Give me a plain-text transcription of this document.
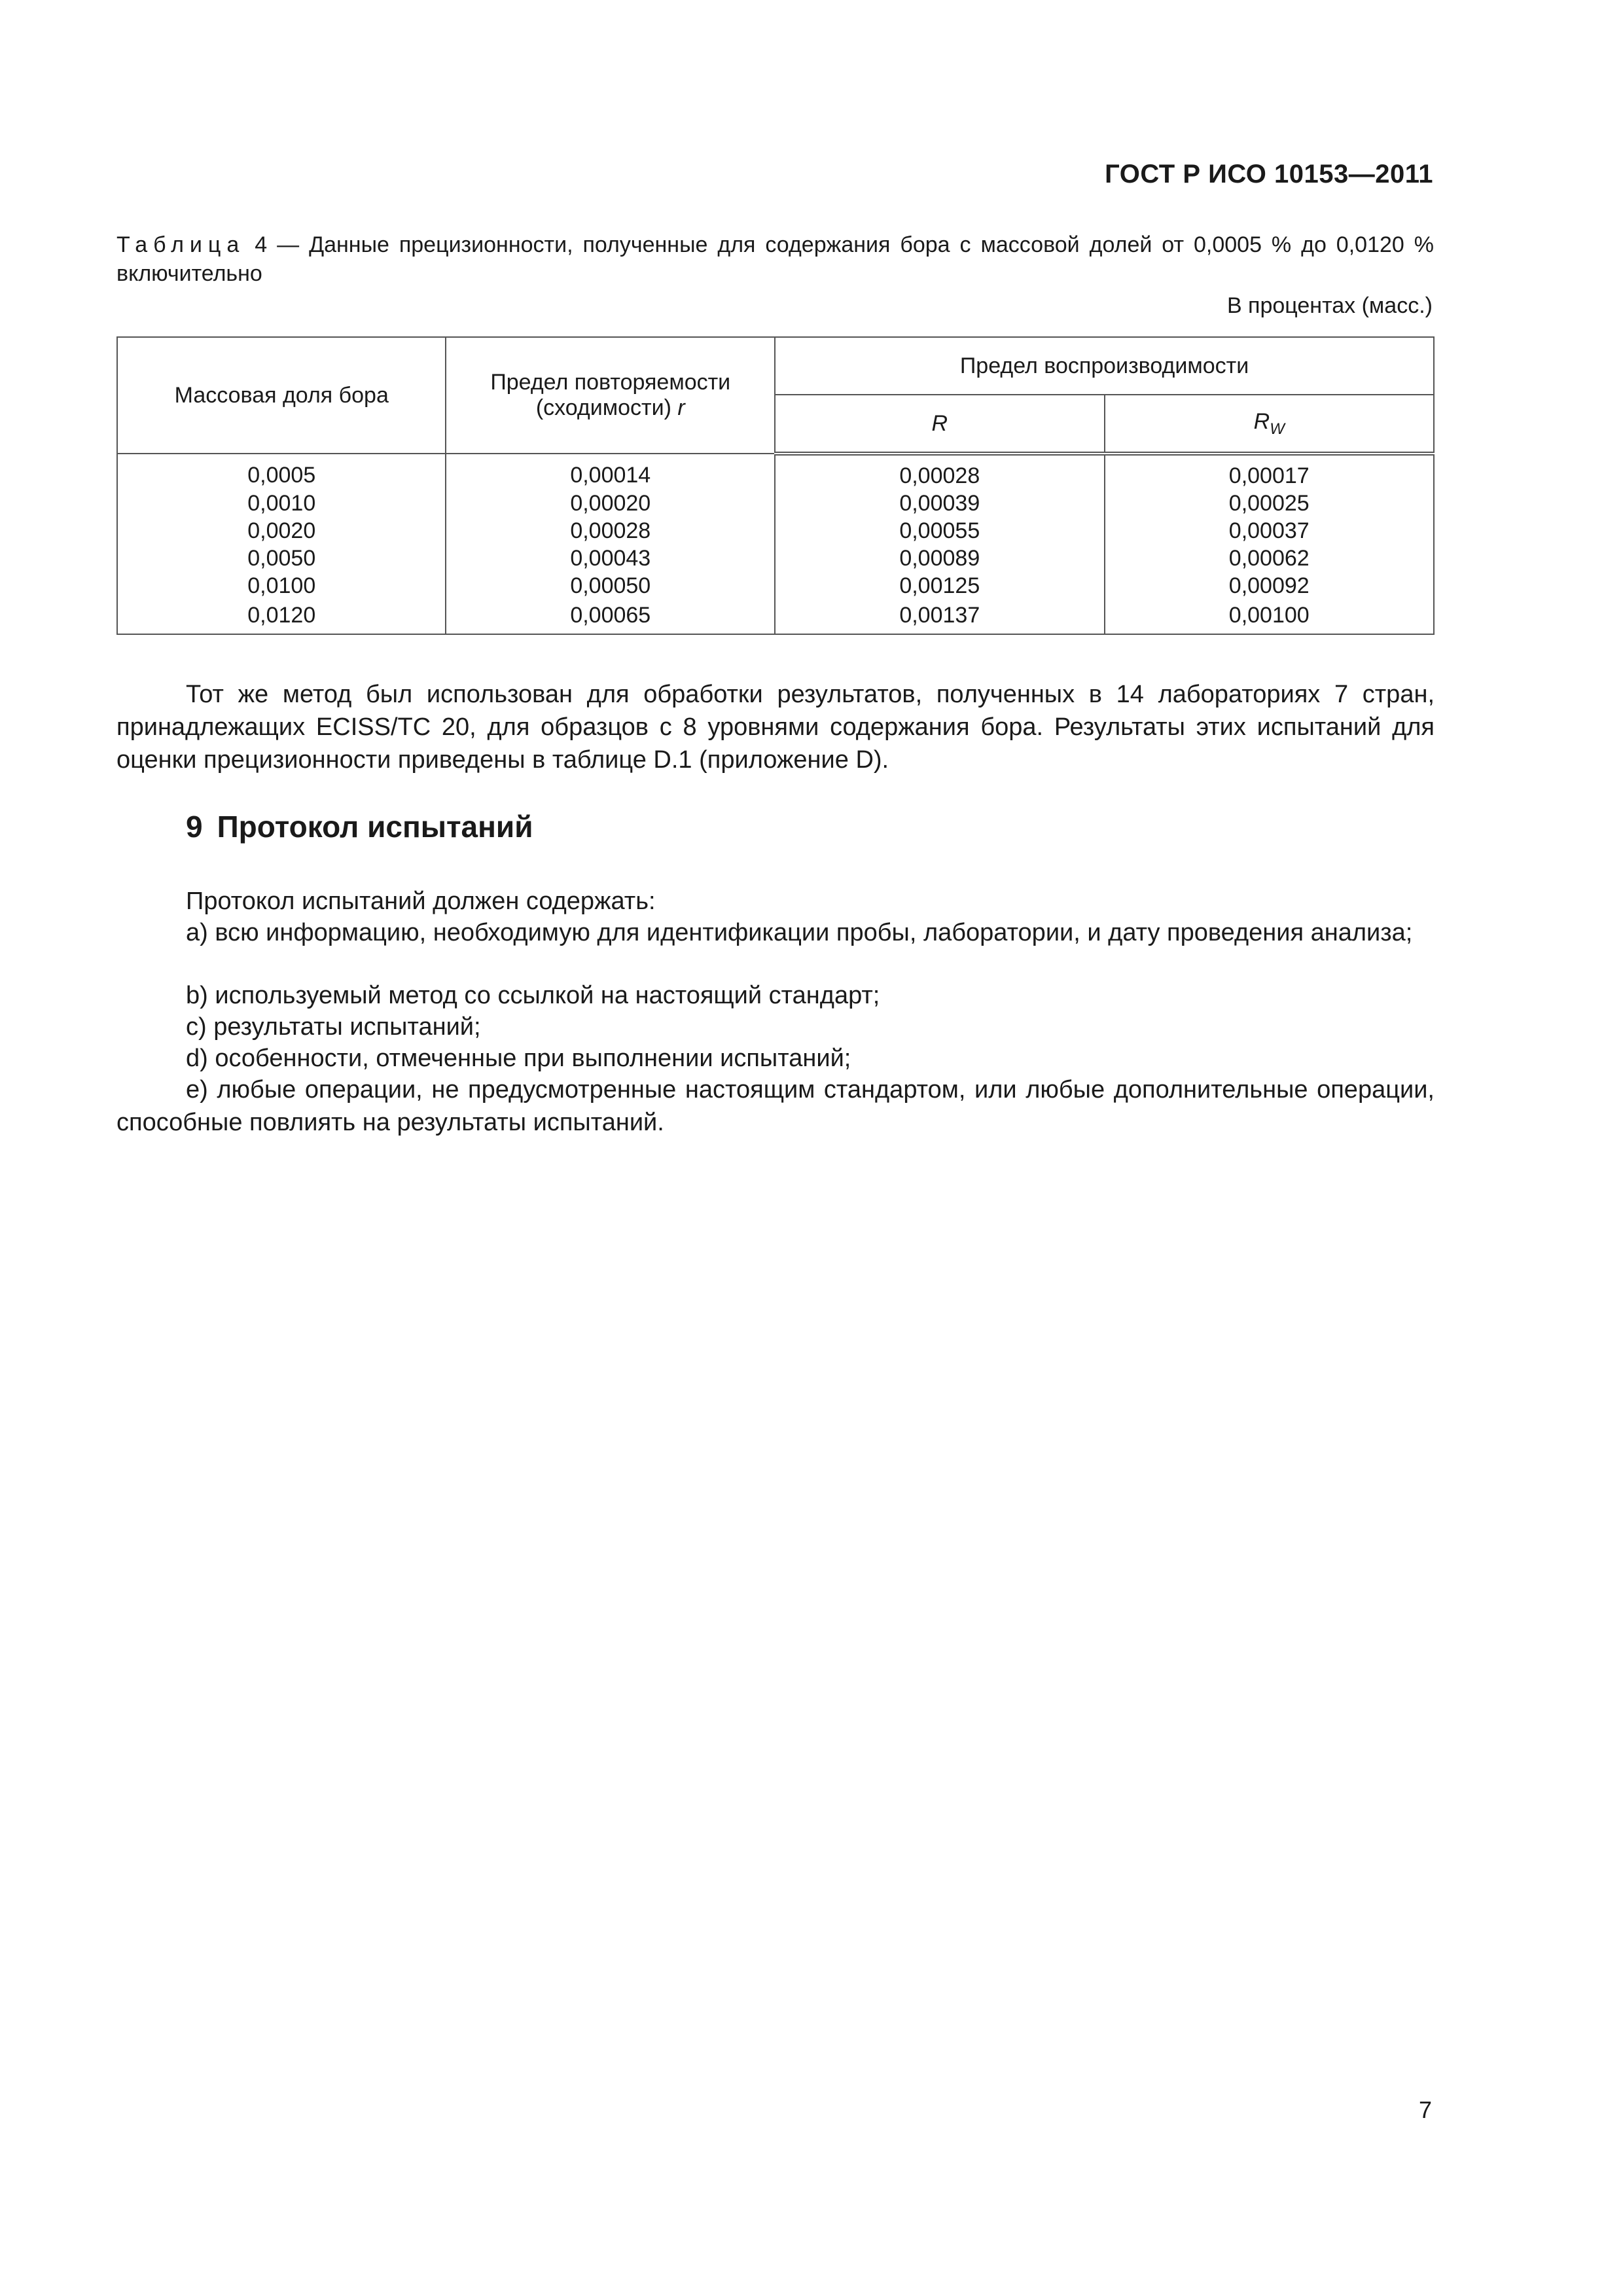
ГОСТ Р ИСО 10153—2011
Таблица 4 — Данные прецизионности, полученные для содержания бора с массовой долей от 0,0005 % до 0,0120 % включительно
В процентах (масс.)
Массовая доля бора	Предел повторяемости (сходимости) r	Предел воспроизводимости	
		R	$R_W$
0,0005	0,00014	0,00028	0,00017
0,0010	0,00020	0,00039	0,00025
0,0020	0,00028	0,00055	0,00037
0,0050	0,00043	0,00089	0,00062
0,0100	0,00050	0,00125	0,00092
0,0120	0,00065	0,00137	0,00100
Тот же метод был использован для обработки результатов, полученных в 14 лабораториях 7 стран, принадлежащих ECISS/TC 20, для образцов с 8 уровнями содержания бора. Результаты этих испытаний для оценки прецизионности приведены в таблице D.1 (приложение D).
9 Протокол испытаний
Протокол испытаний должен содержать:
a) всю информацию, необходимую для идентификации пробы, лаборатории, и дату проведения анализа;
b) используемый метод со ссылкой на настоящий стандарт;
c) результаты испытаний;
d) особенности, отмеченные при выполнении испытаний;
e) любые операции, не предусмотренные настоящим стандартом, или любые дополнительные операции, способные повлиять на результаты испытаний.
7
